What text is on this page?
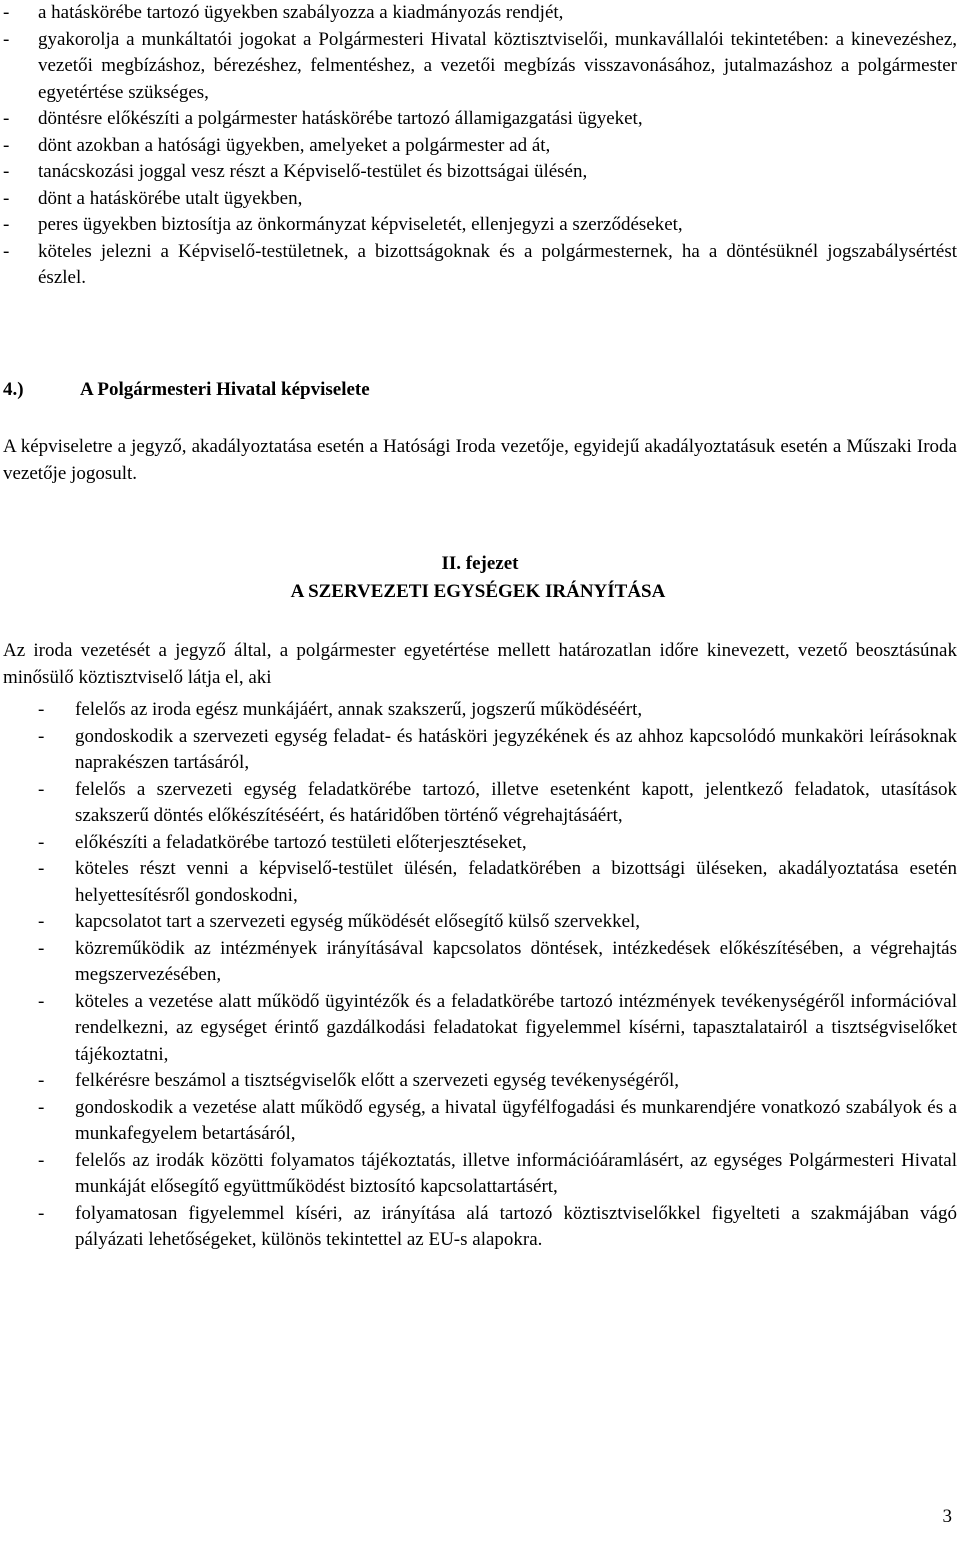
- a hatáskörébe tartozó ügyekben szabályozza a kiadmányozás rendjét,
- gyakorolja a munkáltatói jogokat a Polgármesteri Hivatal köztisztviselői, munkavállalói tekintetében: a kinevezéshez, vezetői megbízáshoz, bérezéshez, felmentéshez, a vezetői megbízás visszavonásához, jutalmazáshoz a polgármester egyetértése szükséges,
- döntésre előkészíti a polgármester hatáskörébe tartozó államigazgatási ügyeket,
- dönt azokban a hatósági ügyekben, amelyeket a polgármester ad át,
- tanácskozási joggal vesz részt a Képviselő-testület és bizottságai ülésén,
- dönt a hatáskörébe utalt ügyekben,
- peres ügyekben biztosítja az önkormányzat képviseletét, ellenjegyzi a szerződéseket,
- köteles jelezni a Képviselő-testületnek, a bizottságoknak és a polgármesternek, ha a döntésüknél jogszabálysértést észlel.
4.)	A Polgármesteri Hivatal képviselete

A képviseletre a jegyző, akadályoztatása esetén a Hatósági Iroda vezetője, egyidejű akadályoztatásuk esetén a Műszaki Iroda vezetője jogosult.

II. fejezet
A SZERVEZETI EGYSÉGEK IRÁNYÍTÁSA

Az iroda vezetését a jegyző által, a polgármester egyetértése mellett határozatlan időre kinevezett, vezető beosztásúnak minősülő köztisztviselő látja el, aki

- felelős az iroda egész munkájáért, annak szakszerű, jogszerű működéséért,
- gondoskodik a szervezeti egység feladat- és hatásköri jegyzékének és az ahhoz kapcsolódó munkaköri leírásoknak naprakészen tartásáról,
- felelős a szervezeti egység feladatkörébe tartozó, illetve esetenként kapott, jelentkező feladatok, utasítások szakszerű döntés előkészítéséért, és határidőben történő végrehajtásáért,
- előkészíti a feladatkörébe tartozó testületi előterjesztéseket,
- köteles részt venni a képviselő-testület ülésén, feladatkörében a bizottsági üléseken, akadályoztatása esetén helyettesítésről gondoskodni,
- kapcsolatot tart a szervezeti egység működését elősegítő külső szervekkel,
- közreműködik az intézmények irányításával kapcsolatos döntések, intézkedések előkészítésében, a végrehajtás megszervezésében,
- köteles a vezetése alatt működő ügyintézők és a feladatkörébe tartozó intézmények tevékenységéről információval rendelkezni, az egységet érintő gazdálkodási feladatokat figyelemmel kísérni, tapasztalatairól a tisztségviselőket tájékoztatni,
- felkérésre beszámol a tisztségviselők előtt a szervezeti egység tevékenységéről,
- gondoskodik a vezetése alatt működő egység, a hivatal ügyfélfogadási és munkarendjére vonatkozó szabályok és a munkafegyelem betartásáról,
- felelős az irodák közötti folyamatos tájékoztatás, illetve információáramlásért, az egységes Polgármesteri Hivatal munkáját elősegítő együttműködést biztosító kapcsolattartásért,
- folyamatosan figyelemmel kíséri, az irányítása alá tartozó köztisztviselőkkel figyelteti a szakmájában vágó pályázati lehetőségeket, különös tekintettel az EU-s alapokra.
3
